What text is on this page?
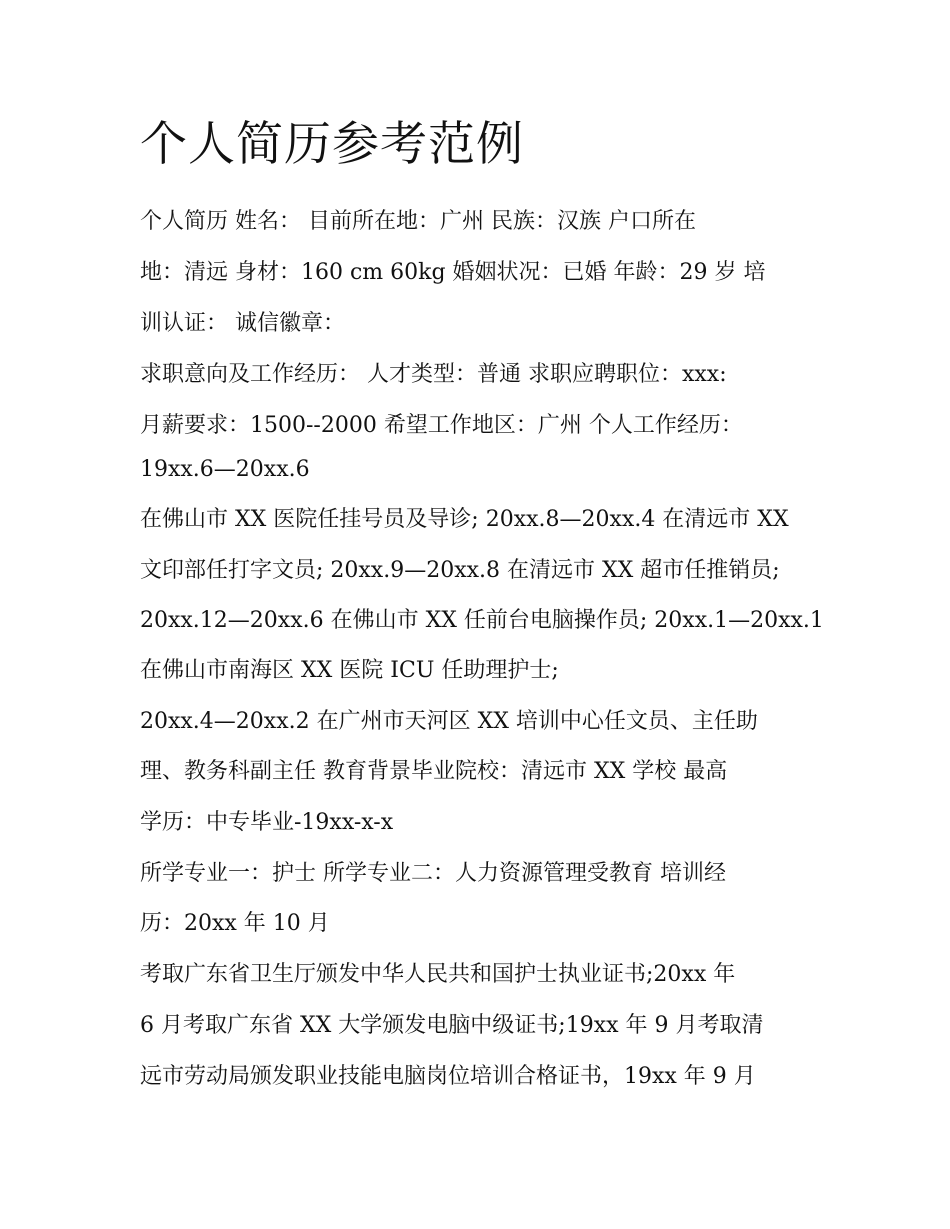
个人简历参考范例

个人简历 姓名： 目前所在地：广州 民族：汉族 户口所在

地：清远 身材：160 cm 60kg 婚姻状况：已婚 年龄：29 岁 培

训认证： 诚信徽章：

求职意向及工作经历： 人才类型：普通 求职应聘职位：xxx:

月薪要求：1500--2000 希望工作地区：广州 个人工作经历：

19xx.6—20xx.6

在佛山市 XX 医院任挂号员及导诊; 20xx.8—20xx.4 在清远市 XX

文印部任打字文员; 20xx.9—20xx.8 在清远市 XX 超市任推销员;

20xx.12—20xx.6 在佛山市 XX 任前台电脑操作员; 20xx.1—20xx.1

在佛山市南海区 XX 医院 ICU 任助理护士;

20xx.4—20xx.2 在广州市天河区 XX 培训中心任文员、主任助

理、教务科副主任 教育背景毕业院校：清远市 XX 学校 最高

学历：中专毕业-19xx-x-x

所学专业一：护士 所学专业二：人力资源管理受教育 培训经

历：20xx 年 10 月

考取广东省卫生厅颁发中华人民共和国护士执业证书;20xx 年

6 月考取广东省 XX 大学颁发电脑中级证书;19xx 年 9 月考取清

远市劳动局颁发职业技能电脑岗位培训合格证书，19xx 年 9 月
